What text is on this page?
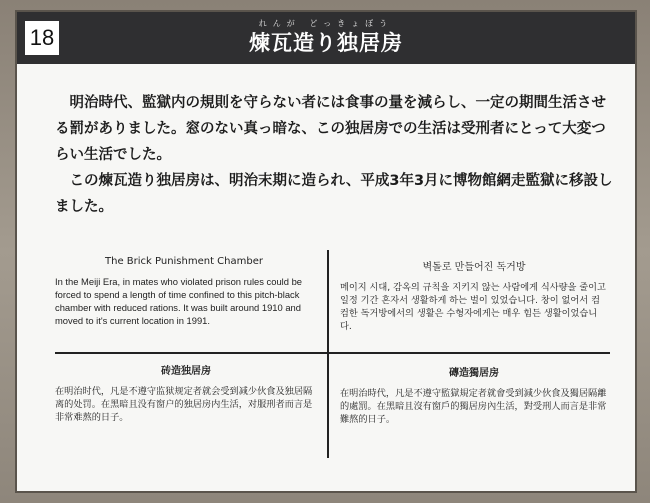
18
れんが どっきょぼう
煉瓦造り独居房

明治時代、監獄内の規則を守らない者には食事の量を減らし、一定の期間生活させる罰がありました。窓のない真っ暗な、この独居房での生活は受刑者にとって大変つらい生活でした。

この煉瓦造り独居房は、明治末期に造られ、平成3年3月に博物館網走監獄に移設しました。

The Brick Punishment Chamber
In the Meiji Era, in mates who violated prison rules could be forced to spend a length of time confined to this pitch-black chamber with reduced rations. It was built around 1910 and moved to it's current location in 1991.
벽돌로 만들어진 독거방
메이지 시대, 감옥의 규칙을 지키지 않는 사람에게 식사량을 줄이고 일정 기간 혼자서 생활하게 하는 벌이 있었습니다. 창이 없어서 컴컴한 독거방에서의 생활은 수형자에게는 매우 힘든 생활이었습니다.
砖造独居房
在明治时代，凡是不遵守监狱规定者就会受到减少伙食及独居隔离的处罚。在黑暗且没有窗户的独居房内生活，对服刑者而言是非常难熬的日子。
磚造獨居房
在明治時代，凡是不遵守監獄規定者就會受到減少伙食及獨居隔離的處罰。在黑暗且沒有窗戶的獨居房內生活，對受刑人而言是非常難熬的日子。
